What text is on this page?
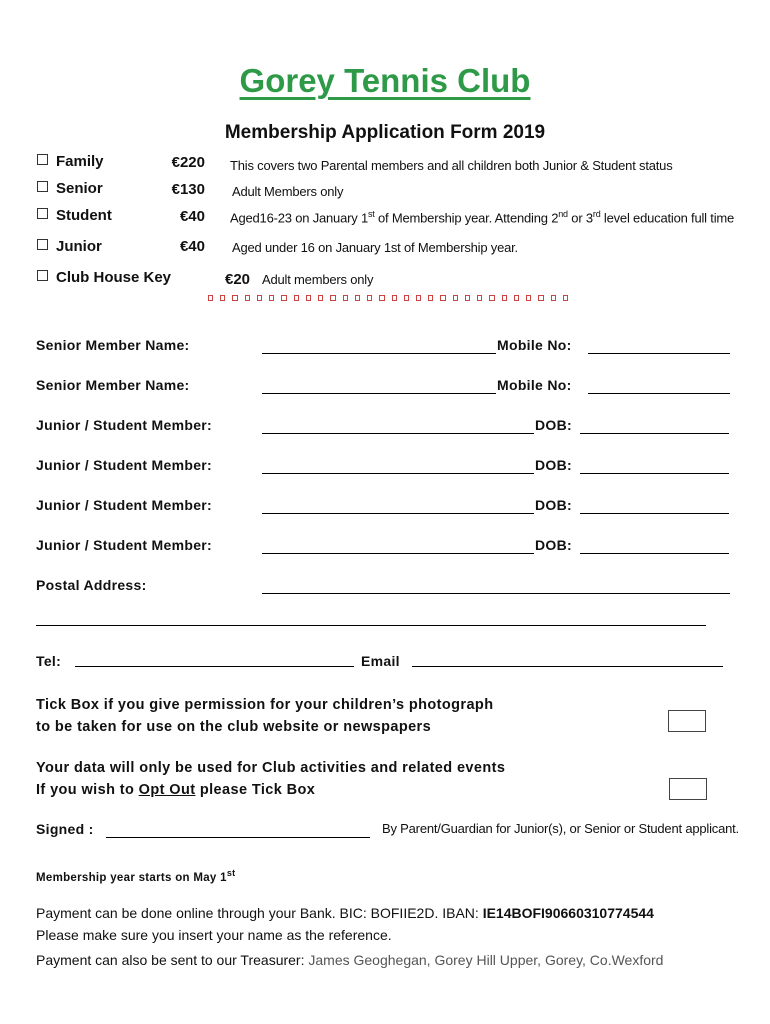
Gorey Tennis Club
Membership Application Form 2019
Family	€220 This covers two Parental members and all children both Junior & Student status
Senior	€130 Adult Members only
Student	€40 Aged16-23 on January 1st of Membership year. Attending 2nd or 3rd level education full time
Junior	€40 Aged under 16 on January 1st of Membership year.
Club House Key	€20 Adult members only
Senior Member Name:	Mobile No:
Senior Member Name:	Mobile No:
Junior / Student Member:	DOB:
Junior / Student Member:	DOB:
Junior / Student Member:	DOB:
Junior / Student Member:	DOB:
Postal Address:
Tel:	Email
Tick Box if you give permission for your children’s photograph
to be taken for use on the club website or newspapers
Your data will only be used for Club activities and related events
If you wish to Opt Out please Tick Box
Signed :	By Parent/Guardian for Junior(s), or Senior or Student applicant.
Membership year starts on May 1st
Payment can be done online through your Bank. BIC: BOFIIE2D. IBAN: IE14BOFI90660310774544
Please make sure you insert your name as the reference.
Payment can also be sent to our Treasurer: James Geoghegan, Gorey Hill Upper, Gorey, Co.Wexford
